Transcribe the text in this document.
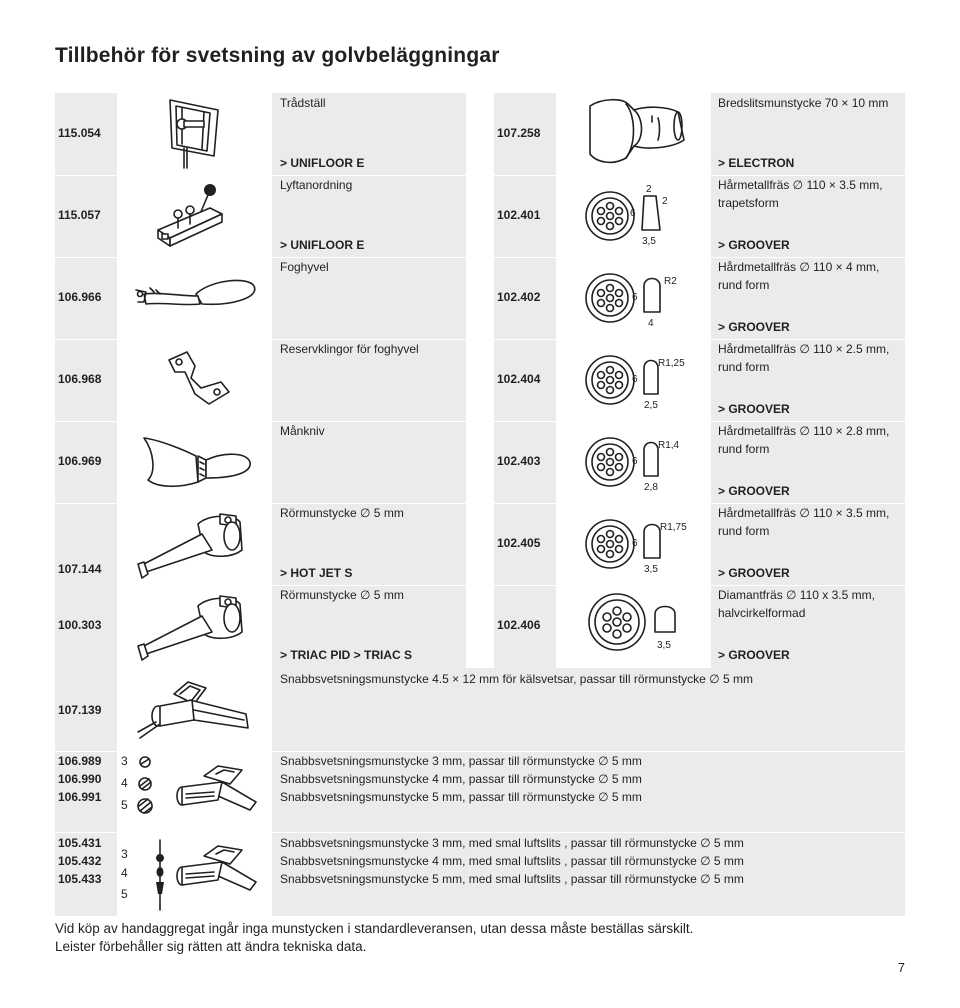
Tillbehör för svetsning av golvbeläggningar
115.054
Trådställ
> UNIFLOOR E
115.057
Lyftanordning
> UNIFLOOR E
106.966
Foghyvel
106.968
Reservklingor för foghyvel
106.969
Månkniv
107.144
Rörmunstycke ∅ 5 mm
> HOT JET S
100.303
Rörmunstycke ∅ 5 mm
> TRIAC PID > TRIAC S
107.258
Bredslitsmunstycke 70 × 10 mm
> ELECTRON
102.401
Hårmetallfräs ∅ 110 × 3.5 mm,
trapetsform
> GROOVER
102.402
Hårdmetallfräs ∅ 110 × 4 mm,
rund form
> GROOVER
102.404
Hårdmetallfräs ∅ 110 × 2.5 mm,
rund form
> GROOVER
102.403
Hårdmetallfräs ∅ 110 × 2.8 mm,
rund form
> GROOVER
102.405
Hårdmetallfräs ∅ 110 × 3.5 mm,
rund form
> GROOVER
102.406
Diamantfräs ∅ 110 x 3.5 mm,
halvcirkelformad
> GROOVER
107.139
Snabbsvetsningsmunstycke 4.5 × 12 mm för kälsvetsar, passar till rörmunstycke ∅ 5 mm
106.989
106.990
106.991
Snabbsvetsningsmunstycke 3 mm, passar till rörmunstycke ∅ 5 mm
Snabbsvetsningsmunstycke 4 mm, passar till rörmunstycke ∅ 5 mm
Snabbsvetsningsmunstycke 5 mm, passar till rörmunstycke ∅ 5 mm
3
4
5
105.431
105.432
105.433
Snabbsvetsningsmunstycke 3 mm, med smal luftslits , passar till rörmunstycke ∅ 5 mm
Snabbsvetsningsmunstycke 4 mm, med smal luftslits , passar till rörmunstycke ∅ 5 mm
Snabbsvetsningsmunstycke 5 mm, med smal luftslits , passar till rörmunstycke ∅ 5 mm
3
4
5
Vid köp av handaggregat ingår inga munstycken i standardleveransen, utan dessa måste beställas särskilt.
Leister förbehåller sig rätten att ändra tekniska data.
7
2
2
6
3,5
R2
6
4
R1,25
6
2,5
R1,4
6
2,8
R1,75
6
3,5
3,5
